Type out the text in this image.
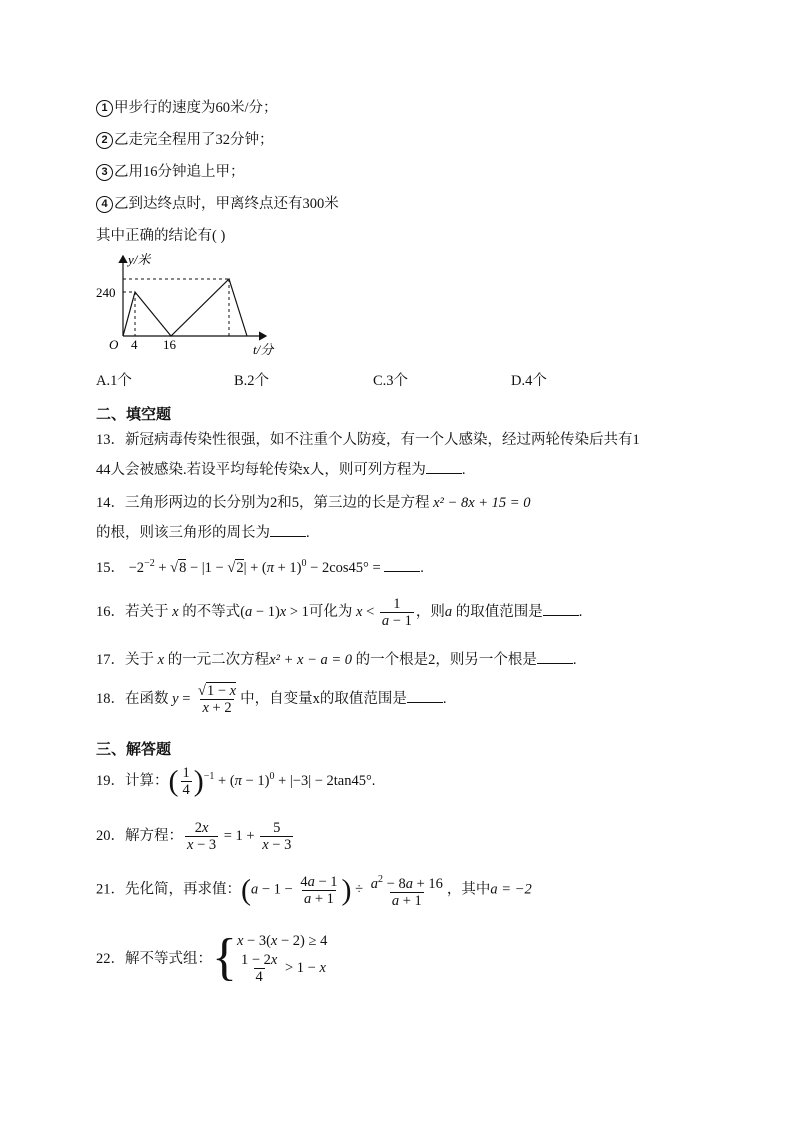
1 甲步行的速度为60米/分；
2 乙走完全程用了32分钟；
3 乙用16分钟追上甲；
4 乙到达终点时，甲离终点还有300米
其中正确的结论有( )
y/米
240
O 4 16	t/分
A.1个	B.2个	C.3个	D.4个
二、填空题
13．新冠病毒传染性很强，如不注重个人防疫，有一个人感染，经过两轮传染后共有1
44人会被感染.若设平均每轮传染x人，则可列方程为 .
14．三角形两边的长分别为2和5，第三边的长是方程 x² − 8x + 15 = 0
的根，则该三角形的周长为 .
15． $-2^{-2} + √8 - |1 - √2| + (\pi + 1)^0 - 2\cos 45^\circ$ = .
16．若关于 x 的不等式(a − 1)x > 1可化为 $x < \frac{1}{a - 1}$ ，则a 的取值范围是 .
17．关于 x 的一元二次方程x² + x − a = 0 的一个根是2，则另一个根是 .
18．在函数 $y = \frac{√1 - x}{x + 2}$ 中，自变量x的取值范围是 .
三、解答题
19．计算：( $\frac{1}{4} )^{-1} + (\pi - 1)^0 + |-3| - 2\tan 45^\circ$.
20．解方程： $\frac{2x}{x - 3} = 1 + \frac{5}{x - 3}$
21．先化简，再求值：($a - 1 - \frac{4a - 1}{a + 1}$ ) ÷ $\frac{a^2 - 8a + 16}{a + 1}$ ，其中a = −2
22．解不等式组： { x − 3(x − 2) ≥ 4
$\frac{1 - 2x}{4} > 1 - x$
